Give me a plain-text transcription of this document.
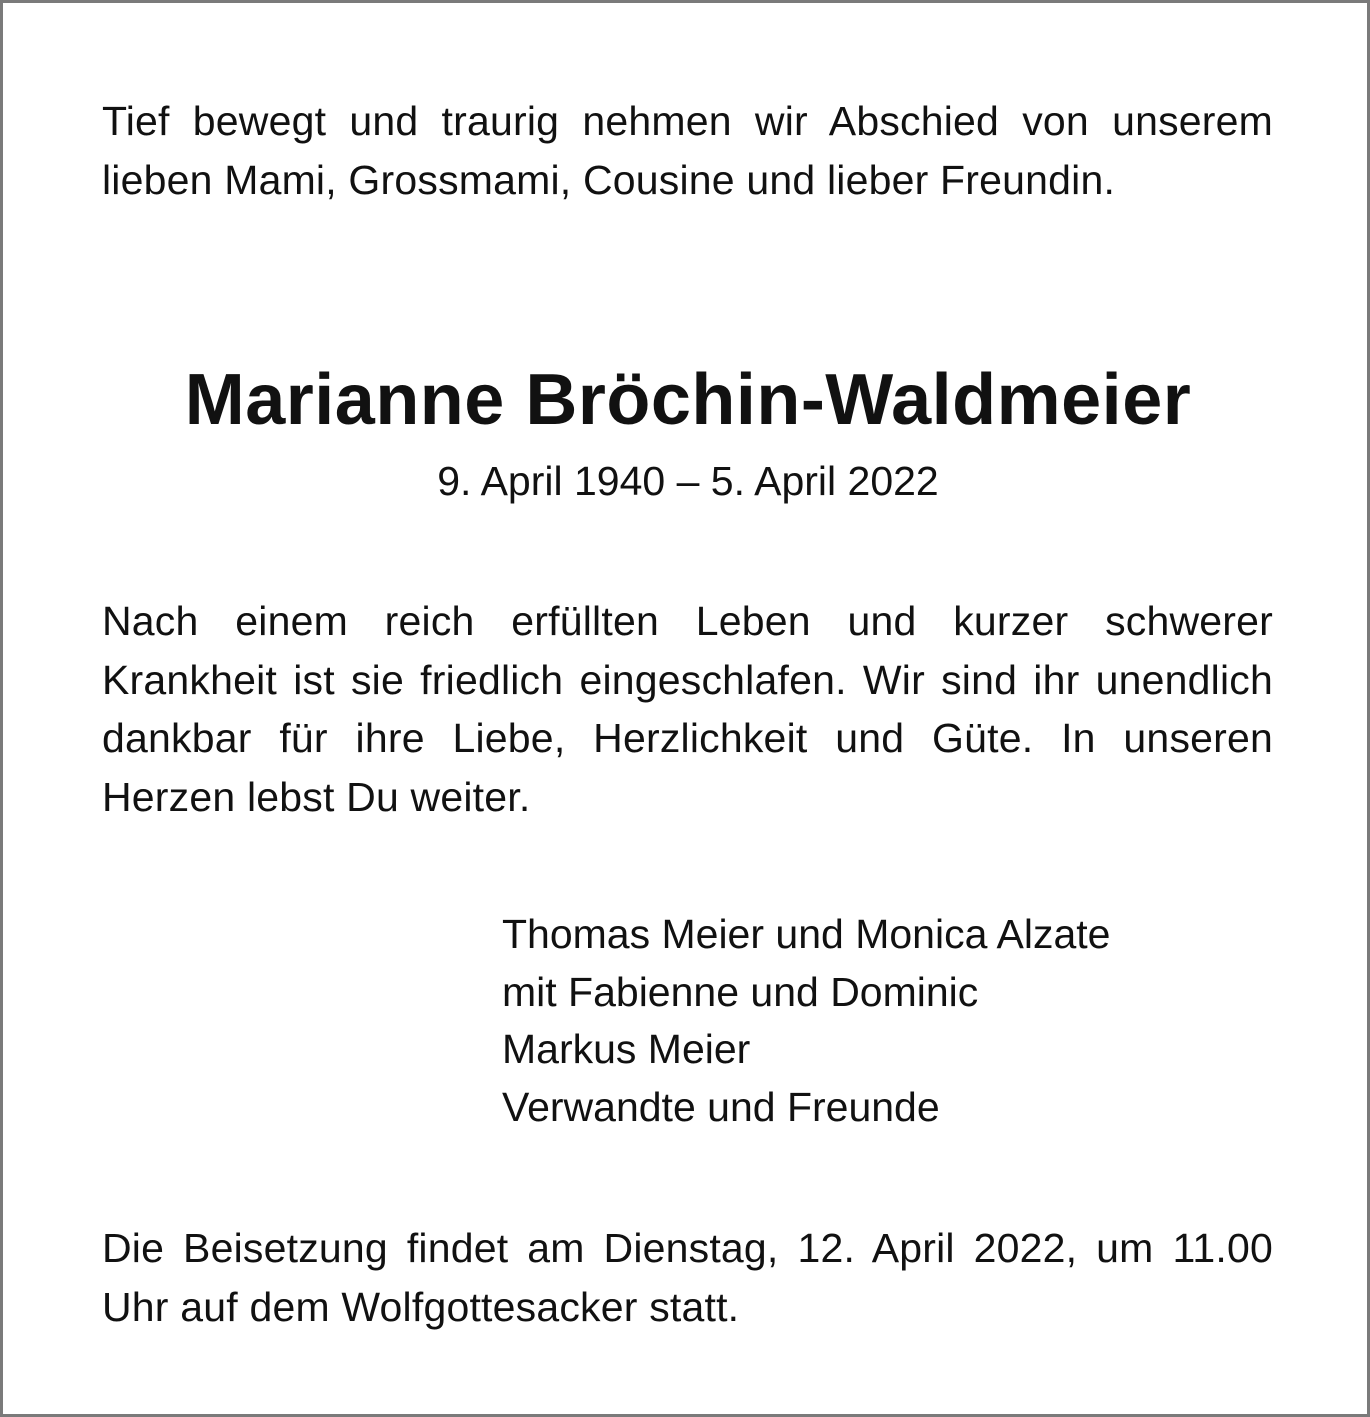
Tief bewegt und traurig nehmen wir Abschied von unserem lieben Mami, Grossmami, Cousine und lieber Freundin.

Marianne Bröchin-Waldmeier
9. April 1940 – 5. April 2022

Nach einem reich erfüllten Leben und kurzer schwerer Krankheit ist sie friedlich eingeschlafen. Wir sind ihr unendlich dankbar für ihre Liebe, Herzlichkeit und Güte. In unseren Herzen lebst Du weiter.

Thomas Meier und Monica Alzate
mit Fabienne und Dominic
Markus Meier
Verwandte und Freunde

Die Beisetzung findet am Dienstag, 12. April 2022, um 11.00 Uhr auf dem Wolfgottesacker statt.
